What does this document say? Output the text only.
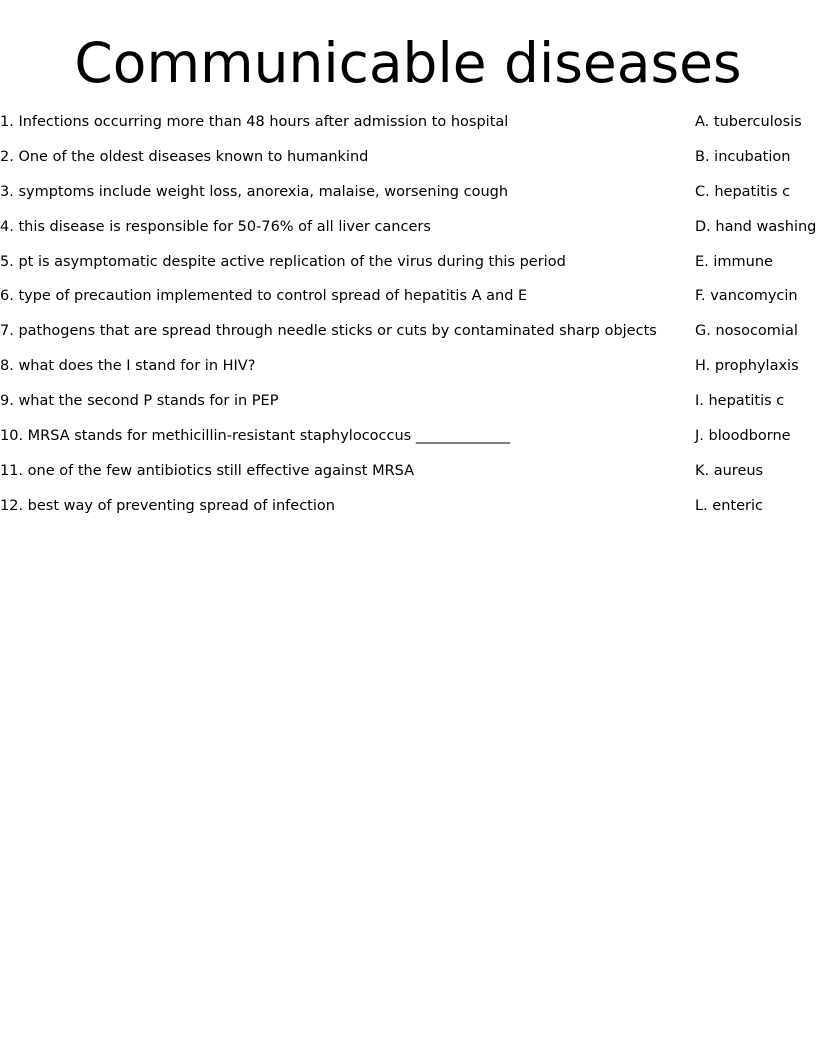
Communicable diseases
1. Infections occurring more than 48 hours after admission to hospital	A. tuberculosis
2. One of the oldest diseases known to humankind	B. incubation
3. symptoms include weight loss, anorexia, malaise, worsening cough	C. hepatitis c
4. this disease is responsible for 50-76% of all liver cancers	D. hand washing
5. pt is asymptomatic despite active replication of the virus during this period	E. immune
6. type of precaution implemented to control spread of hepatitis A and E	F. vancomycin
7. pathogens that are spread through needle sticks or cuts by contaminated sharp objects	G. nosocomial
8. what does the I stand for in HIV?	H. prophylaxis
9. what the second P stands for in PEP	I. hepatitis c
10. MRSA stands for methicillin-resistant staphylococcus _____________	J. bloodborne
11. one of the few antibiotics still effective against MRSA	K. aureus
12. best way of preventing spread of infection	L. enteric
